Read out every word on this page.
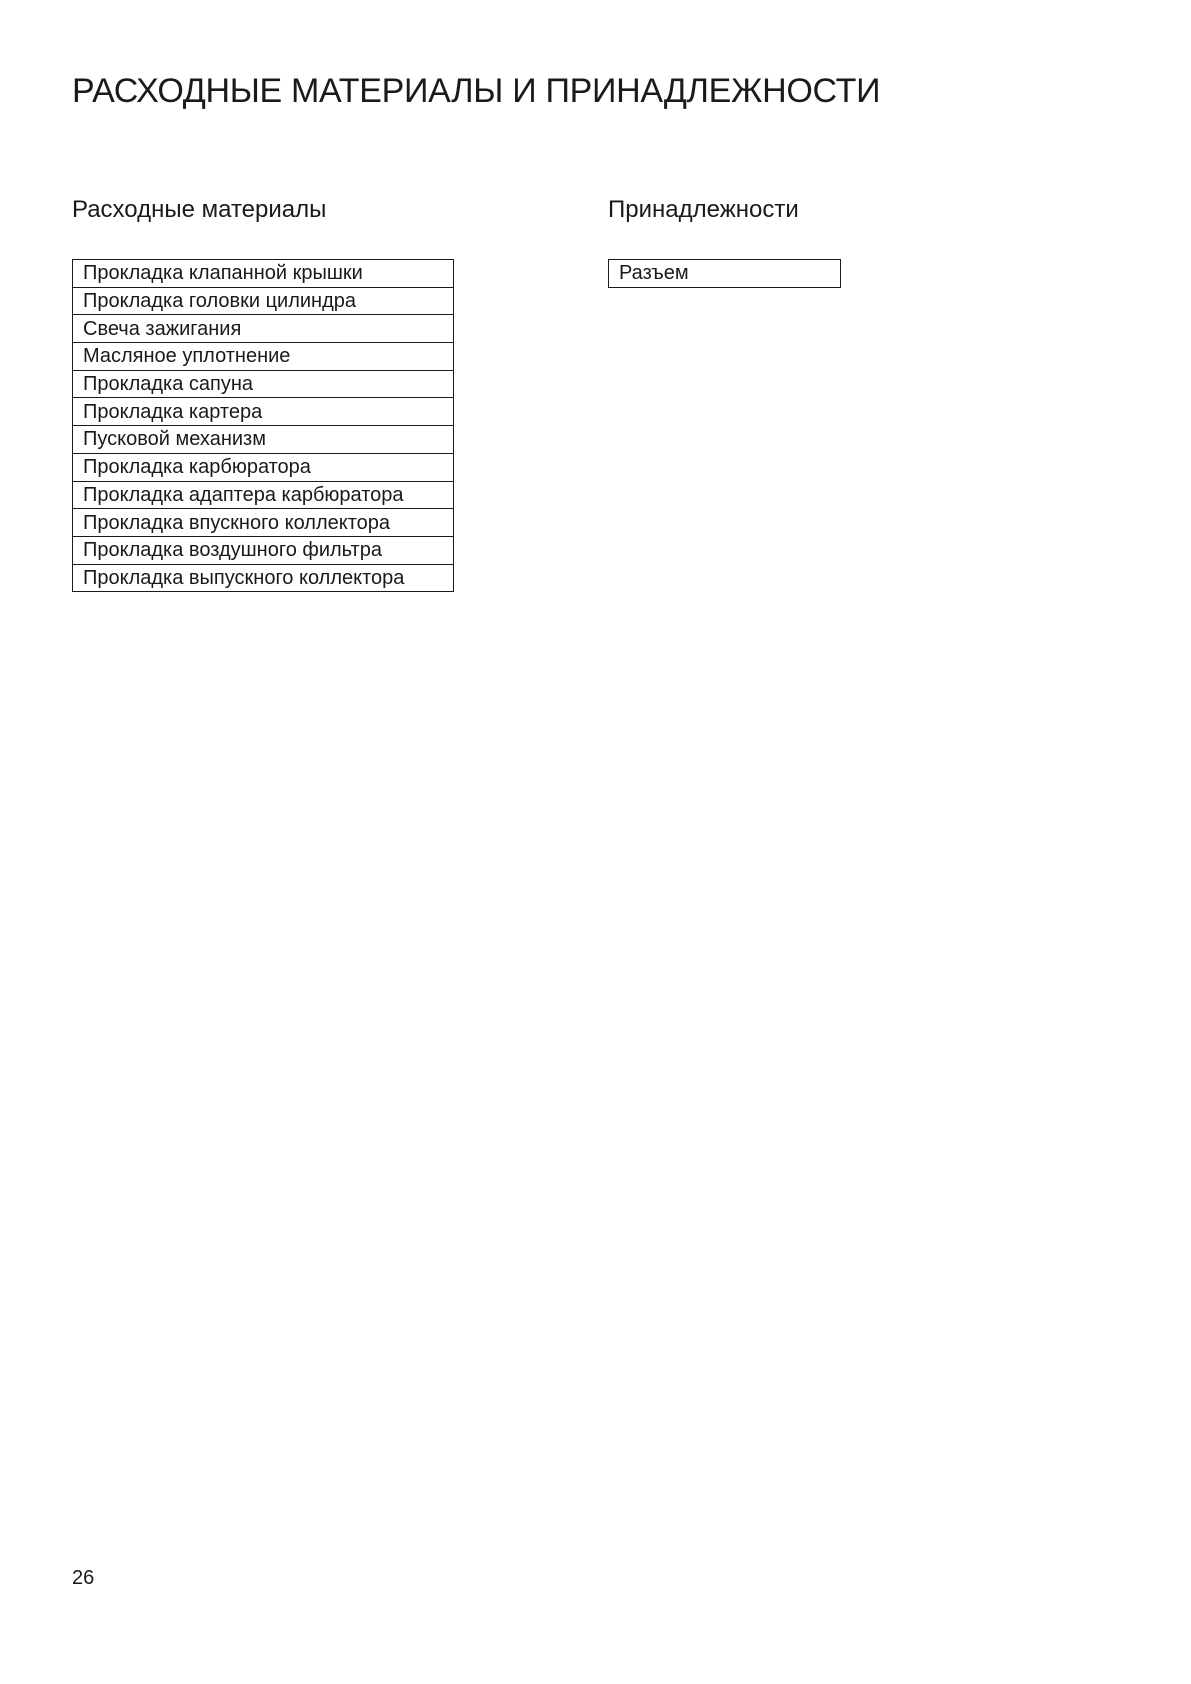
РАСХОДНЫЕ МАТЕРИАЛЫ И ПРИНАДЛЕЖНОСТИ
Расходные материалы
Прокладка клапанной крышки
Прокладка головки цилиндра
Свеча зажигания
Масляное уплотнение
Прокладка сапуна
Прокладка картера
Пусковой механизм
Прокладка карбюратора
Прокладка адаптера карбюратора
Прокладка впускного коллектора
Прокладка воздушного фильтра
Прокладка выпускного коллектора
Принадлежности
Разъем
26
